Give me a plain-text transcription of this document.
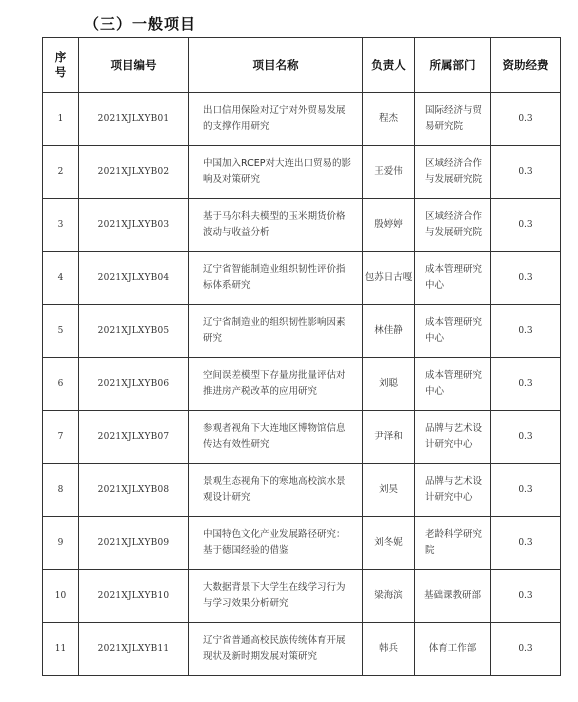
（三）一般项目
序
号	项目编号	项目名称	负责人	所属部门	资助经费
1	2021XJLXYB01	出口信用保险对辽宁对外贸易发展的支撑作用研究	程杰	国际经济与贸易研究院	0.3
2	2021XJLXYB02	中国加入RCEP对大连出口贸易的影响及对策研究	王爱伟	区域经济合作与发展研究院	0.3
3	2021XJLXYB03	基于马尔科夫模型的玉米期货价格波动与收益分析	殷婷婷	区域经济合作与发展研究院	0.3
4	2021XJLXYB04	辽宁省智能制造业组织韧性评价指标体系研究	包苏日古嘎	成本管理研究中心	0.3
5	2021XJLXYB05	辽宁省制造业的组织韧性影响因素研究	林佳静	成本管理研究中心	0.3
6	2021XJLXYB06	空间误差模型下存量房批量评估对推进房产税改革的应用研究	刘聪	成本管理研究中心	0.3
7	2021XJLXYB07	参观者视角下大连地区博物馆信息传达有效性研究	尹泽和	品牌与艺术设计研究中心	0.3
8	2021XJLXYB08	景观生态视角下的寒地高校滨水景观设计研究	刘昊	品牌与艺术设计研究中心	0.3
9	2021XJLXYB09	中国特色文化产业发展路径研究：基于德国经验的借鉴	刘冬妮	老龄科学研究院	0.3
10	2021XJLXYB10	大数据背景下大学生在线学习行为与学习效果分析研究	梁海滨	基础课教研部	0.3
11	2021XJLXYB11	辽宁省普通高校民族传统体育开展现状及新时期发展对策研究	韩兵	体育工作部	0.3
